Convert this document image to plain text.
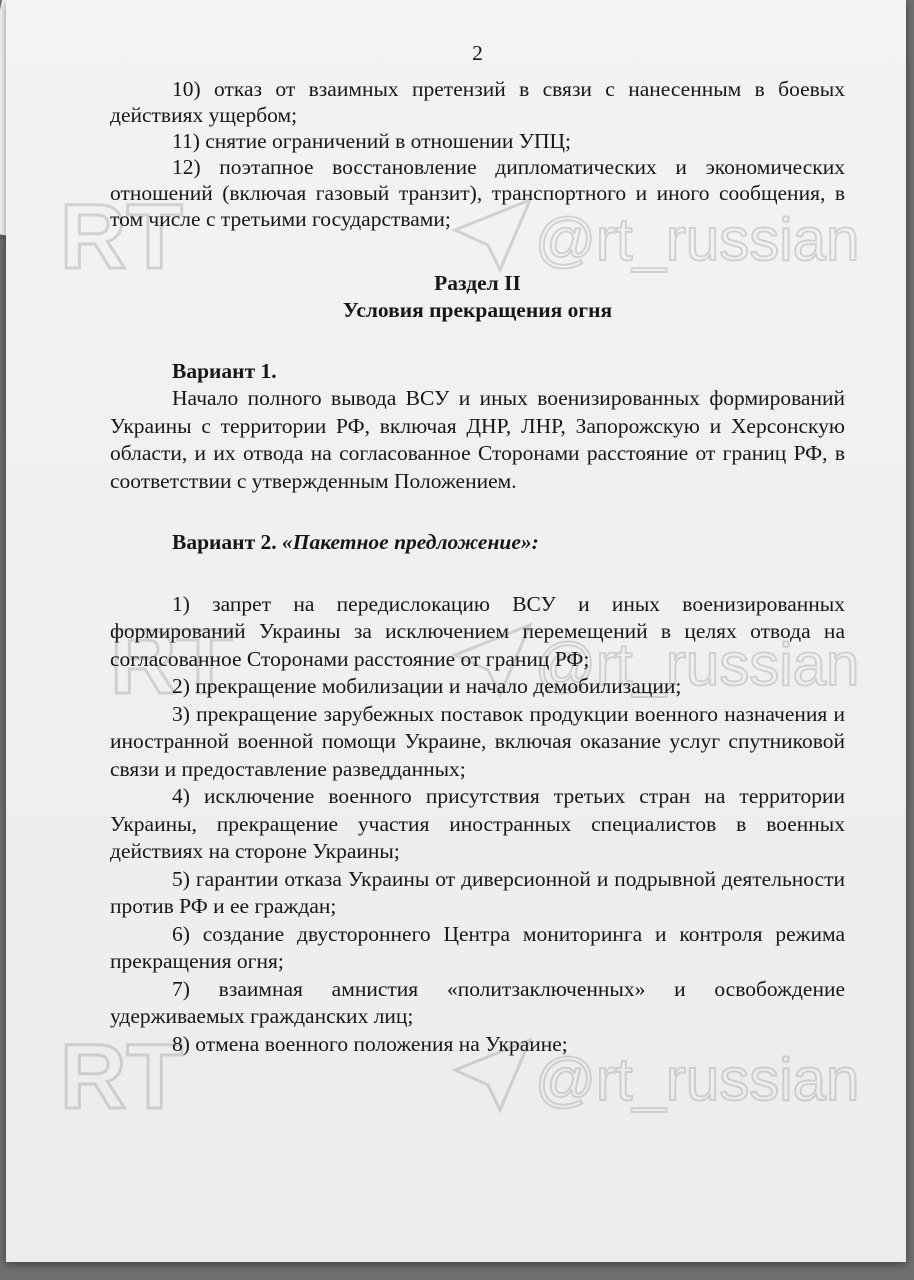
2

10) отказ от взаимных претензий в связи с нанесенным в боевых действиях ущербом;

11) снятие ограничений в отношении УПЦ;

12) поэтапное восстановление дипломатических и экономических отношений (включая газовый транзит), транспортного и иного сообщения, в том числе с третьими государствами;

Раздел II

Условия прекращения огня

Вариант 1.

Начало полного вывода ВСУ и иных военизированных формирований Украины с территории РФ, включая ДНР, ЛНР, Запорожскую и Херсонскую области, и их отвода на согласованное Сторонами расстояние от границ РФ, в соответствии с утвержденным Положением.

Вариант 2. «Пакетное предложение»:

1) запрет на передислокацию ВСУ и иных военизированных формирований Украины за исключением перемещений в целях отвода на согласованное Сторонами расстояние от границ РФ;

2) прекращение мобилизации и начало демобилизации;

3) прекращение зарубежных поставок продукции военного назначения и иностранной военной помощи Украине, включая оказание услуг спутниковой связи и предоставление разведданных;

4) исключение военного присутствия третьих стран на территории Украины, прекращение участия иностранных специалистов в военных действиях на стороне Украины;

5) гарантии отказа Украины от диверсионной и подрывной деятельности против РФ и ее граждан;

6) создание двустороннего Центра мониторинга и контроля режима прекращения огня;

7) взаимная амнистия «политзаключенных» и освобождение удерживаемых гражданских лиц;

8) отмена военного положения на Украине;
